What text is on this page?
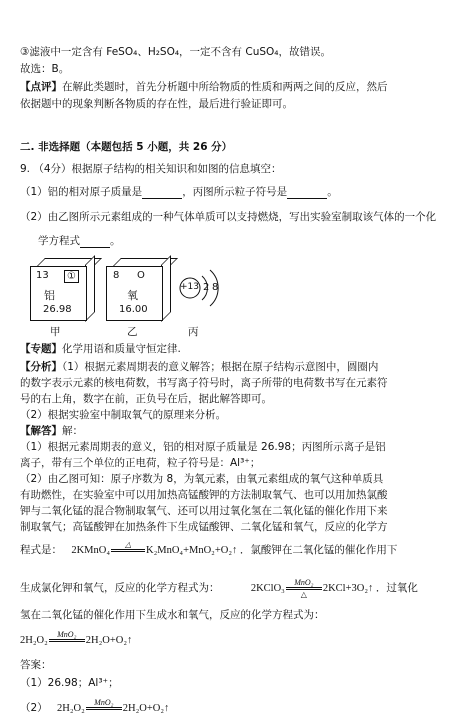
③滤液中一定含有 FeSO₄、H₂SO₄，一定不含有 CuSO₄，故错误。
故选：B。
【点评】在解此类题时，首先分析题中所给物质的性质和两两之间的反应，然后
依据题中的现象判断各物质的存在性，最后进行验证即可。
二. 非选择题（本题包括 5 小题，共 26 分）
9. （4分）根据原子结构的相关知识和如图的信息填空：
（1）铝的相对原子质量是	，丙图所示粒子符号是	。
（2）由乙图所示元素组成的一种气体单质可以支持燃烧，写出实验室制取该气体的一个化
学方程式	。
13	①
铝
26.98
甲
8 O
氧
16.00
乙
+13 2 8
丙
【专题】化学用语和质量守恒定律.
【分析】（1）根据元素周期表的意义解答；根据在原子结构示意图中，圆圈内
的数字表示元素的核电荷数，书写离子符号时，离子所带的电荷数书写在元素符
号的右上角，数字在前，正负号在后，据此解答即可。
（2）根据实验室中制取氧气的原理来分析。
【解答】解：
（1）根据元素周期表的意义，铝的相对原子质量是 26.98；丙图所示离子是铝
离子，带有三个单位的正电荷，粒子符号是：Al³⁺；
（2）由乙图可知：原子序数为 8，为氧元素，由氧元素组成的氧气这种单质具
有助燃性，在实验室中可以用加热高锰酸钾的方法制取氧气、也可以用加热氯酸
钾与二氧化锰的混合物制取氧气、还可以用过氧化氢在二氧化锰的催化作用下来
制取氧气；高锰酸钾在加热条件下生成锰酸钾、二氧化锰和氧气，反应的化学方
程式是： 2KMnO₄
△
K₂MnO₄+MnO₂+O₂↑ ．氯酸钾在二氧化锰的催化作用下
生成氯化钾和氧气，反应的化学方程式为：	2KClO₃
MnO₂
△
2KCl+3O₂↑ ．过氧化
氢在二氧化锰的催化作用下生成水和氧气，反应的化学方程式为：
2H₂O₂
MnO₂
2H₂O+O₂↑
答案：
（1）26.98；Al³⁺；
（2） 2H₂O₂
MnO₂
2H₂O+O₂↑
